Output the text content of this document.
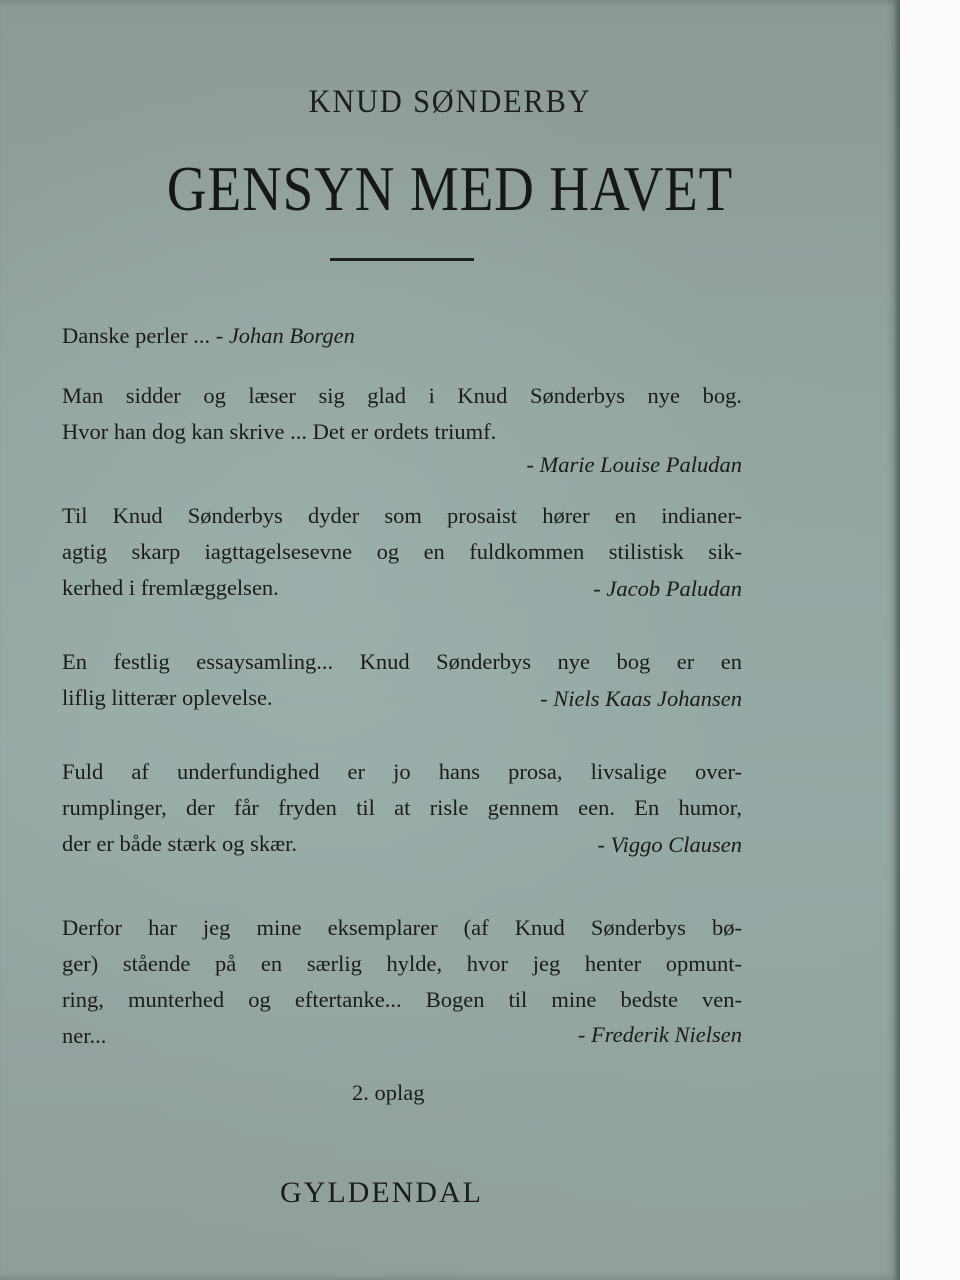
KNUD SØNDERBY
GENSYN MED HAVET
Danske perler ... - Johan Borgen
Man sidder og læser sig glad i Knud Sønderbys nye bog.
Hvor han dog kan skrive ... Det er ordets triumf.
- Marie Louise Paludan
Til Knud Sønderbys dyder som prosaist hører en indianer-
agtig skarp iagttagelsesevne og en fuldkommen stilistisk sik-
kerhed i fremlæggelsen.	- Jacob Paludan
En festlig essaysamling... Knud Sønderbys nye bog er en
liflig litterær oplevelse.	- Niels Kaas Johansen
Fuld af underfundighed er jo hans prosa, livsalige over-
rumplinger, der får fryden til at risle gennem een. En humor,
der er både stærk og skær.	- Viggo Clausen
Derfor har jeg mine eksemplarer (af Knud Sønderbys bø-
ger) stående på en særlig hylde, hvor jeg henter opmunt-
ring, munterhed og eftertanke... Bogen til mine bedste ven-
ner...	- Frederik Nielsen
2. oplag
GYLDENDAL
